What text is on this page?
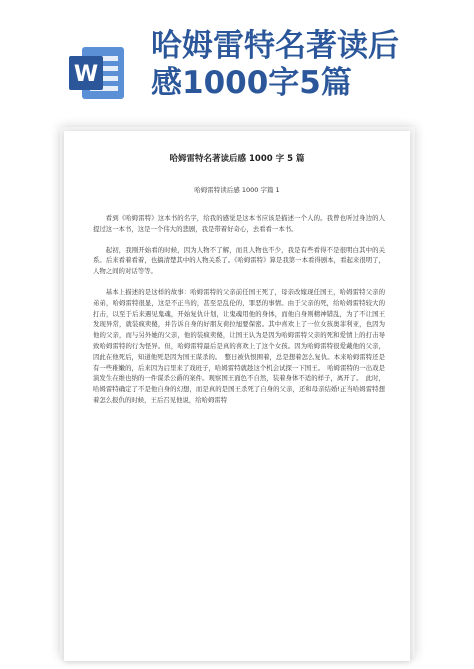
W
哈姆雷特名著读后
感1000字5篇
哈姆雷特名著读后感 1000 字 5 篇
哈姆雷特读后感 1000 字篇 1

看到《哈姆雷特》这本书的名字，给我的感觉是这本书应该是描述一个人的。我曾也听过身边的人提过这一本书，这是一个伟大的悲剧，我是带着好奇心，去看看一本书。

起初，我刚开始看的时候，因为人物不了解，而且人物也不少，我是有些看得不是很明白其中的关系。后来看着看着，也搞清楚其中的人物关系了。《哈姆雷特》算是我第一本看得剧本，看起来很明了，人物之间的对话等等。

基本上描述的是这样的故事：哈姆雷特的父亲前任国王死了，母亲改嫁现任国王，哈姆雷特父亲的弟弟，哈姆雷特很显，这是不正当的，甚至是乱伦的，罪恶的事情。由于父亲的死，给哈姆雷特较大的打击，以至于后来遇见鬼魂，开始复仇计划，让鬼魂用他的身体，而他自身则精神错乱，为了不让国王发现异常，就装疯卖傻，并告诉自身的好朋友荷拉旭要保密。其中喜欢上了一位女孩奥菲利亚，也因为他的父亲，而与另外她的父亲，他的装疯卖傻，让国王认为是因为哈姆雷特父亲的死和爱情上的打击导致哈姆雷特的行为怪异。但，哈姆雷特最后是真的喜欢上了这个女孩。因为哈姆雷特很爱戴他的父亲，因此在他死后，知道他死是因为国王谋杀的。　整日被仇恨围着，总是想着怎么复仇。本来哈姆雷特还是有一些稚嫩的，后来因为启里来了戏班子，哈姆雷特就趁这个机会试探一下国王。　哈姆雷特的一出戏是演发生在维也纳的一件谋杀公爵的案件。观察国王面色不自然，装着身体不适的样子，离开了。　此时，哈姆雷特确定了不是他自身的幻想，而是真的是国王杀死了自身的父亲，还和母亲结婚!正当哈姆雷特想着怎么报仇的时候，王后召见他说，给哈姆雷特
